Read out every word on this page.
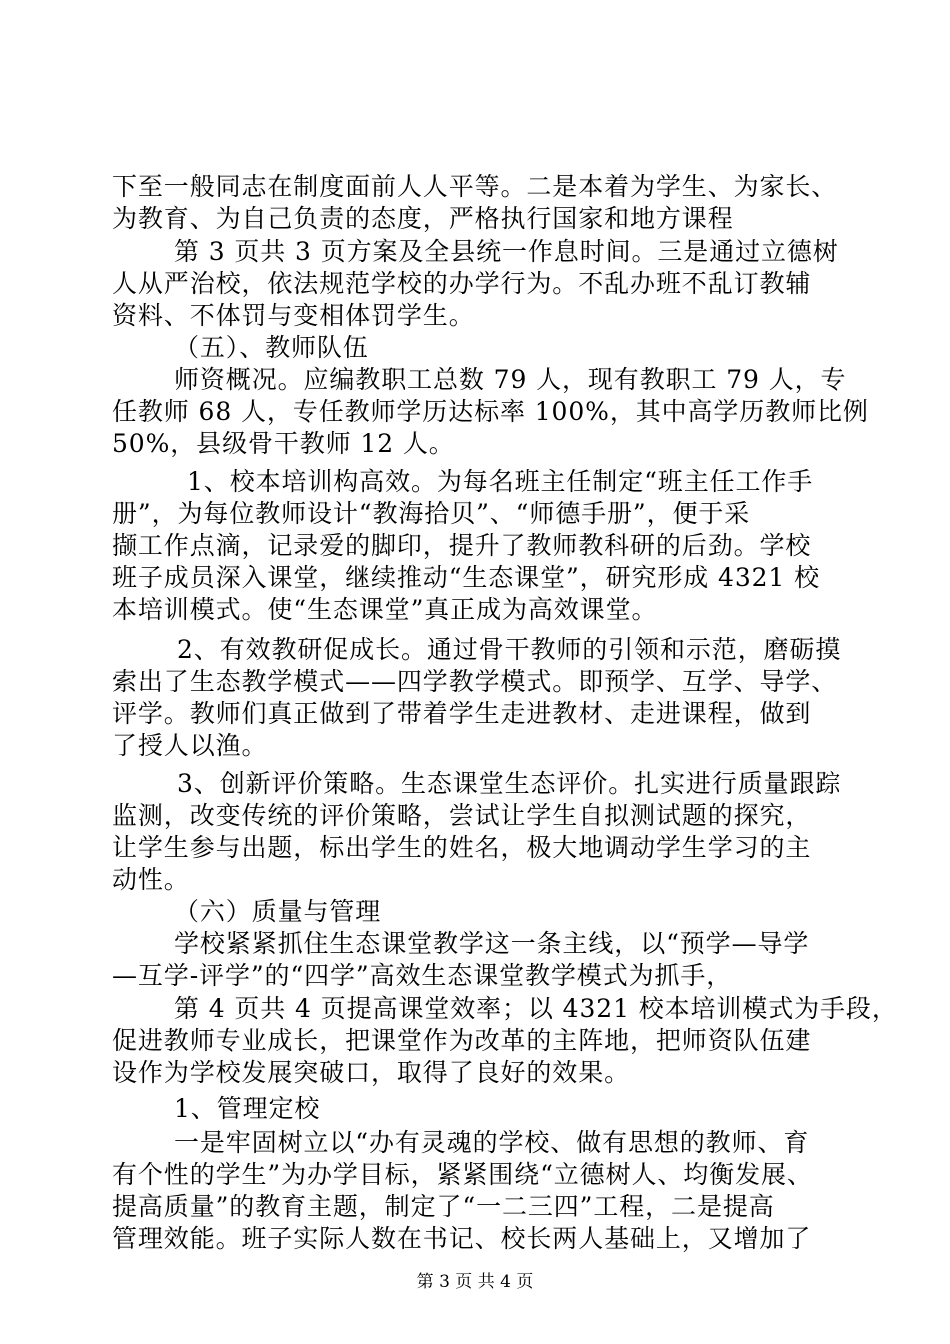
下至一般同志在制度面前人人平等。二是本着为学生、为家长、
为教育、为自己负责的态度，严格执行国家和地方课程
第 3 页共 3 页方案及全县统一作息时间。三是通过立德树
人从严治校，依法规范学校的办学行为。不乱办班不乱订教辅
资料、不体罚与变相体罚学生。
（五）、教师队伍
师资概况。应编教职工总数 79 人，现有教职工 79 人，专
任教师 68 人，专任教师学历达标率 100%，其中高学历教师比例
50%，县级骨干教师 12 人。
1、校本培训构高效。为每名班主任制定“班主任工作手
册”，为每位教师设计“教海拾贝”、“师德手册”，便于采
撷工作点滴，记录爱的脚印，提升了教师教科研的后劲。学校
班子成员深入课堂，继续推动“生态课堂”，研究形成 4321 校
本培训模式。使“生态课堂”真正成为高效课堂。
2、有效教研促成长。通过骨干教师的引领和示范，磨砺摸
索出了生态教学模式——四学教学模式。即预学、互学、导学、
评学。教师们真正做到了带着学生走进教材、走进课程，做到
了授人以渔。
3、创新评价策略。生态课堂生态评价。扎实进行质量跟踪
监测，改变传统的评价策略，尝试让学生自拟测试题的探究，
让学生参与出题，标出学生的姓名，极大地调动学生学习的主
动性。
（六）质量与管理
学校紧紧抓住生态课堂教学这一条主线，以“预学—导学
—互学-评学”的“四学”高效生态课堂教学模式为抓手，
第 4 页共 4 页提高课堂效率；以 4321 校本培训模式为手段，
促进教师专业成长，把课堂作为改革的主阵地，把师资队伍建
设作为学校发展突破口，取得了良好的效果。
1、管理定校
一是牢固树立以“办有灵魂的学校、做有思想的教师、育
有个性的学生”为办学目标，紧紧围绕“立德树人、均衡发展、
提高质量”的教育主题，制定了“一二三四”工程，二是提高
管理效能。班子实际人数在书记、校长两人基础上，又增加了
第 3 页 共 4 页
